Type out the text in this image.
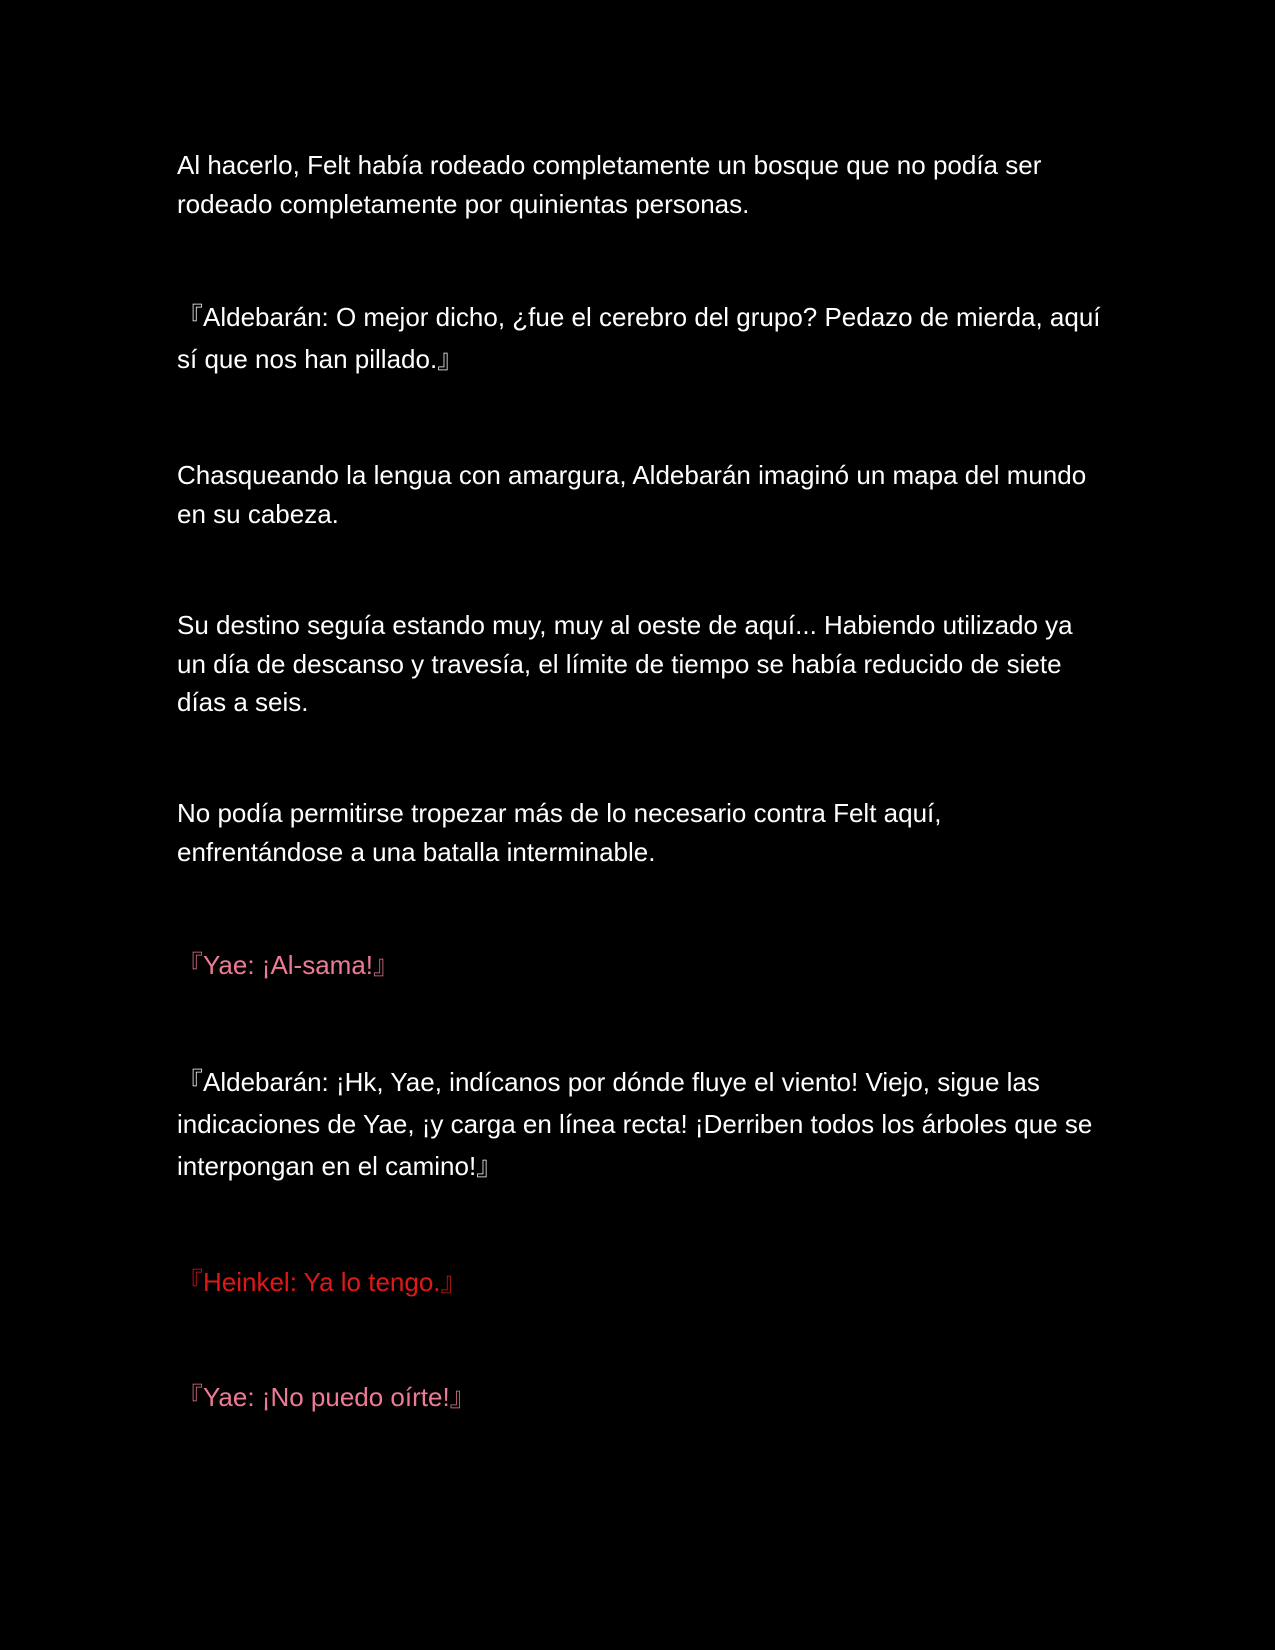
Al hacerlo, Felt había rodeado completamente un bosque que no podía ser rodeado completamente por quinientas personas.

『Aldebarán: O mejor dicho, ¿fue el cerebro del grupo? Pedazo de mierda, aquí sí que nos han pillado.』

Chasqueando la lengua con amargura, Aldebarán imaginó un mapa del mundo en su cabeza.

Su destino seguía estando muy, muy al oeste de aquí... Habiendo utilizado ya un día de descanso y travesía, el límite de tiempo se había reducido de siete días a seis.

No podía permitirse tropezar más de lo necesario contra Felt aquí, enfrentándose a una batalla interminable.

『Yae: ¡Al-sama!』

『Aldebarán: ¡Hk, Yae, indícanos por dónde fluye el viento! Viejo, sigue las indicaciones de Yae, ¡y carga en línea recta! ¡Derriben todos los árboles que se interpongan en el camino!』

『Heinkel: Ya lo tengo.』

『Yae: ¡No puedo oírte!』
